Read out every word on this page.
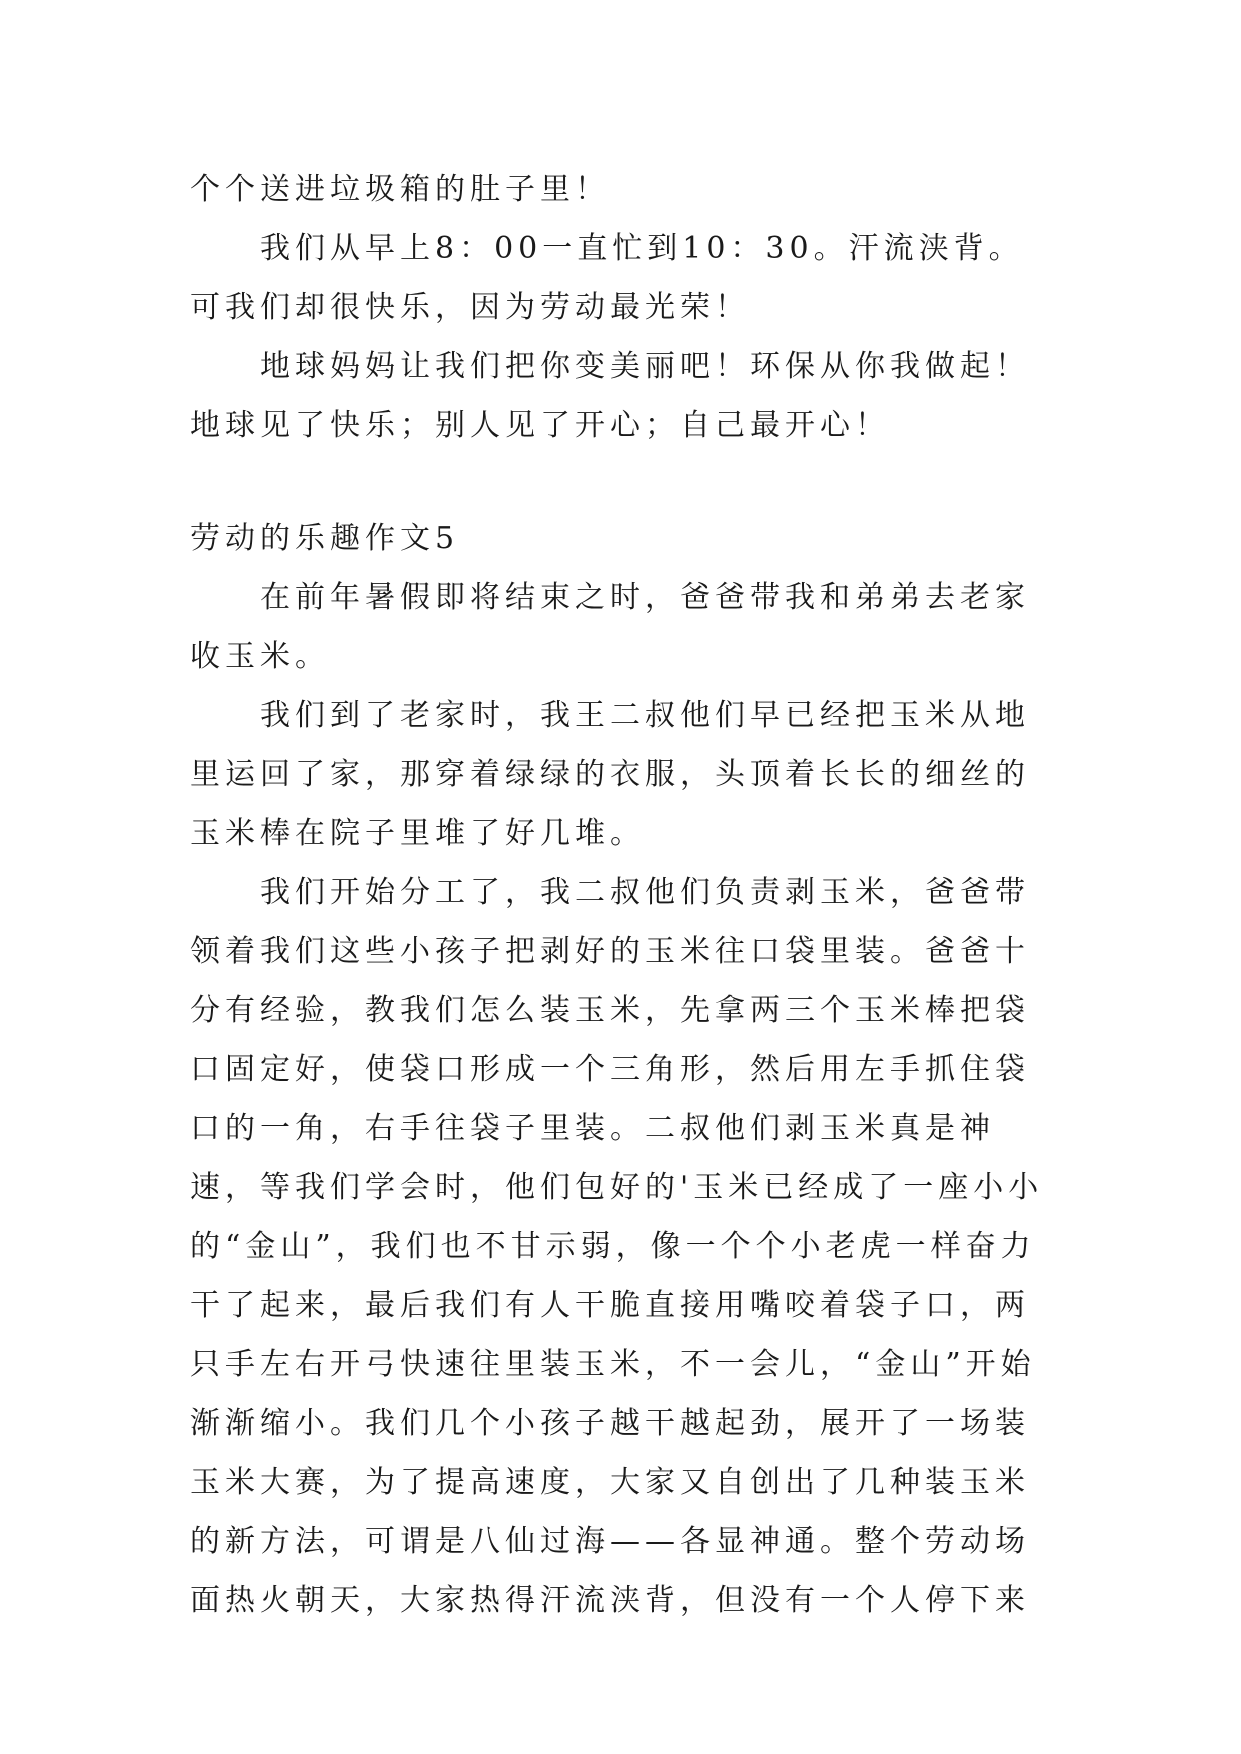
个个送进垃圾箱的肚子里！

我们从早上8：00一直忙到10：30。汗流浃背。可我们却很快乐，因为劳动最光荣！

地球妈妈让我们把你变美丽吧！环保从你我做起！地球见了快乐；别人见了开心；自己最开心！

劳动的乐趣作文5

在前年暑假即将结束之时，爸爸带我和弟弟去老家收玉米。

我们到了老家时，我王二叔他们早已经把玉米从地里运回了家，那穿着绿绿的衣服，头顶着长长的细丝的玉米棒在院子里堆了好几堆。

我们开始分工了，我二叔他们负责剥玉米，爸爸带领着我们这些小孩子把剥好的玉米往口袋里装。爸爸十分有经验，教我们怎么装玉米，先拿两三个玉米棒把袋口固定好，使袋口形成一个三角形，然后用左手抓住袋口的一角，右手往袋子里装。二叔他们剥玉米真是神速，等我们学会时，他们包好的'玉米已经成了一座小小的“金山”，我们也不甘示弱，像一个个小老虎一样奋力干了起来，最后我们有人干脆直接用嘴咬着袋子口，两只手左右开弓快速往里装玉米，不一会儿，“金山”开始渐渐缩小。我们几个小孩子越干越起劲，展开了一场装玉米大赛，为了提高速度，大家又自创出了几种装玉米的新方法，可谓是八仙过海——各显神通。整个劳动场面热火朝天，大家热得汗流浃背，但没有一个人停下来
